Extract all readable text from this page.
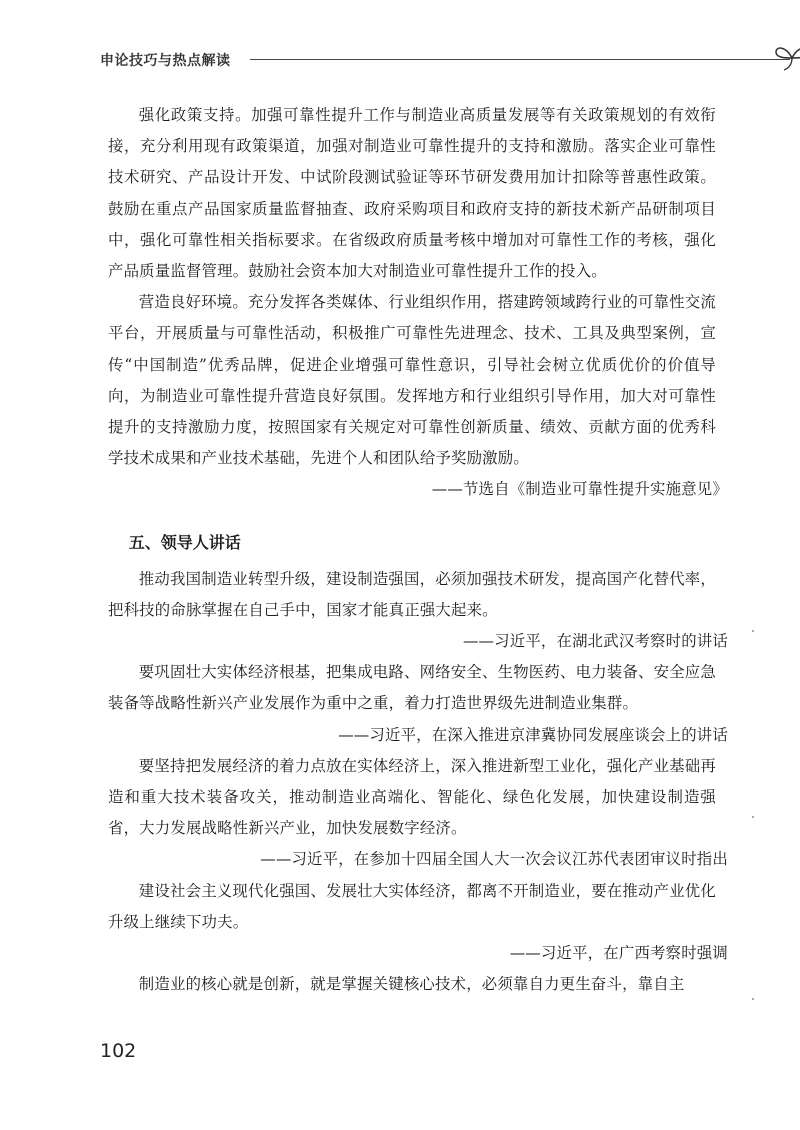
申论技巧与热点解读

强化政策支持。加强可靠性提升工作与制造业高质量发展等有关政策规划的有效衔接，充分利用现有政策渠道，加强对制造业可靠性提升的支持和激励。落实企业可靠性技术研究、产品设计开发、中试阶段测试验证等环节研发费用加计扣除等普惠性政策。鼓励在重点产品国家质量监督抽查、政府采购项目和政府支持的新技术新产品研制项目中，强化可靠性相关指标要求。在省级政府质量考核中增加对可靠性工作的考核，强化产品质量监督管理。鼓励社会资本加大对制造业可靠性提升工作的投入。

营造良好环境。充分发挥各类媒体、行业组织作用，搭建跨领域跨行业的可靠性交流平台，开展质量与可靠性活动，积极推广可靠性先进理念、技术、工具及典型案例，宣传“中国制造”优秀品牌，促进企业增强可靠性意识，引导社会树立优质优价的价值导向，为制造业可靠性提升营造良好氛围。发挥地方和行业组织引导作用，加大对可靠性提升的支持激励力度，按照国家有关规定对可靠性创新质量、绩效、贡献方面的优秀科学技术成果和产业技术基础，先进个人和团队给予奖励激励。

——节选自《制造业可靠性提升实施意见》

五、领导人讲话

推动我国制造业转型升级，建设制造强国，必须加强技术研发，提高国产化替代率，把科技的命脉掌握在自己手中，国家才能真正强大起来。

——习近平，在湖北武汉考察时的讲话

要巩固壮大实体经济根基，把集成电路、网络安全、生物医药、电力装备、安全应急装备等战略性新兴产业发展作为重中之重，着力打造世界级先进制造业集群。

——习近平，在深入推进京津冀协同发展座谈会上的讲话

要坚持把发展经济的着力点放在实体经济上，深入推进新型工业化，强化产业基础再造和重大技术装备攻关，推动制造业高端化、智能化、绿色化发展，加快建设制造强省，大力发展战略性新兴产业，加快发展数字经济。

——习近平，在参加十四届全国人大一次会议江苏代表团审议时指出

建设社会主义现代化强国、发展壮大实体经济，都离不开制造业，要在推动产业优化升级上继续下功夫。

——习近平，在广西考察时强调

制造业的核心就是创新，就是掌握关键核心技术，必须靠自力更生奋斗，靠自主

102
